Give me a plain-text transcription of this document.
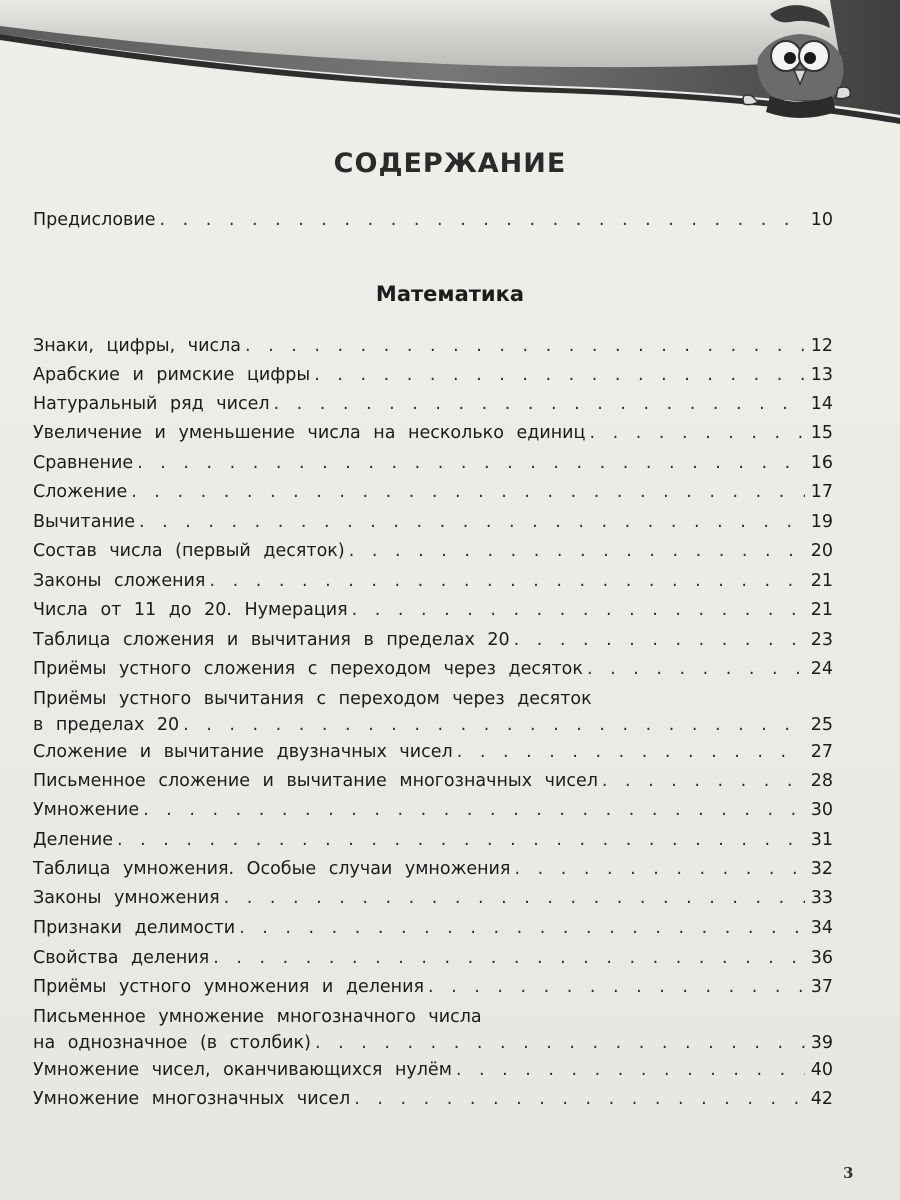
СОДЕРЖАНИЕ
Предисловие . . .	10
Математика
Знаки, цифры, числа . . .	12
Арабские и римские цифры . . .	13
Натуральный ряд чисел . . .	14
Увеличение и уменьшение числа на несколько единиц . . .	15
Сравнение . . .	16
Сложение . . .	17
Вычитание . . .	19
Состав числа (первый десяток) . . .	20
Законы сложения . . .	21
Числа от 11 до 20. Нумерация . . .	21
Таблица сложения и вычитания в пределах 20 . . .	23
Приёмы устного сложения с переходом через десяток . . .	24
Приёмы устного вычитания с переходом через десяток
в пределах 20 . . .	25
Сложение и вычитание двузначных чисел . . .	27
Письменное сложение и вычитание многозначных чисел . . .	28
Умножение . . .	30
Деление . . .	31
Таблица умножения. Особые случаи умножения . . .	32
Законы умножения . . .	33
Признаки делимости . . .	34
Свойства деления . . .	36
Приёмы устного умножения и деления . . .	37
Письменное умножение многозначного числа
на однозначное (в столбик) . . .	39
Умножение чисел, оканчивающихся нулём . . .	40
Умножение многозначных чисел . . .	42
3
